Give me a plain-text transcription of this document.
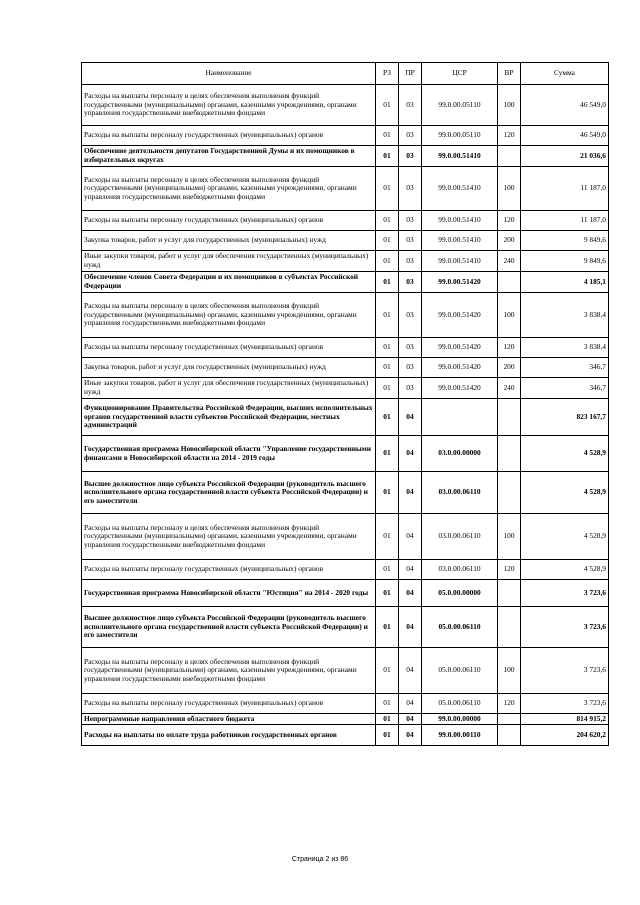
Наименование	РЗ	ПР	ЦСР	ВР	Сумма
Расходы на выплаты персоналу в целях обеспечения выполнения функций государственными (муниципальными) органами, казенными учреждениями, органами управления государственными внебюджетными фондами	01	03	99.0.00.05110	100	46 549,0
Расходы на выплаты персоналу государственных (муниципальных) органов	01	03	99.0.00.05110	120	46 549,0
Обеспечение деятельности депутатов Государственной Думы и их помощников в избирательных округах	01	03	99.0.00.51410		21 036,6
Расходы на выплаты персоналу в целях обеспечения выполнения функций государственными (муниципальными) органами, казенными учреждениями, органами управления государственными внебюджетными фондами	01	03	99.0.00.51410	100	11 187,0
Расходы на выплаты персоналу государственных (муниципальных) органов	01	03	99.0.00.51410	120	11 187,0
Закупка товаров, работ и услуг для государственных (муниципальных) нужд	01	03	99.0.00.51410	200	9 849,6
Иные закупки товаров, работ и услуг для обеспечения государственных (муниципальных) нужд	01	03	99.0.00.51410	240	9 849,6
Обеспечение членов Совета Федерации и их помощников в субъектах Российской Федерации	01	03	99.0.00.51420		4 185,1
Расходы на выплаты персоналу в целях обеспечения выполнения функций государственными (муниципальными) органами, казенными учреждениями, органами управления государственными внебюджетными фондами	01	03	99.0.00.51420	100	3 838,4
Расходы на выплаты персоналу государственных (муниципальных) органов	01	03	99.0.00.51420	120	3 838,4
Закупка товаров, работ и услуг для государственных (муниципальных) нужд	01	03	99.0.00.51420	200	346,7
Иные закупки товаров, работ и услуг для обеспечения государственных (муниципальных) нужд	01	03	99.0.00.51420	240	346,7
Функционирование Правительства Российской Федерации, высших исполнительных органов государственной власти субъектов Российской Федерации, местных администраций	01	04			823 167,7
Государственная программа Новосибирской области "Управление государственными финансами в Новосибирской области на 2014 - 2019 годы	01	04	03.0.00.00000		4 528,9
Высшее должностное лицо субъекта Российской Федерации (руководитель высшего исполнительного органа государственной власти субъекта Российской Федерации) и его заместители	01	04	03.0.00.06110		4 528,9
Расходы на выплаты персоналу в целях обеспечения выполнения функций государственными (муниципальными) органами, казенными учреждениями, органами управления государственными внебюджетными фондами	01	04	03.0.00.06110	100	4 528,9
Расходы на выплаты персоналу государственных (муниципальных) органов	01	04	03.0.00.06110	120	4 528,9
Государственная программа Новосибирской области "Юстиция" на 2014 - 2020 годы	01	04	05.0.00.00000		3 723,6
Высшее должностное лицо субъекта Российской Федерации (руководитель высшего исполнительного органа государственной власти субъекта Российской Федерации) и его заместители	01	04	05.0.00.06110		3 723,6
Расходы на выплаты персоналу в целях обеспечения выполнения функций государственными (муниципальными) органами, казенными учреждениями, органами управления государственными внебюджетными фондами	01	04	05.0.00.06110	100	3 723,6
Расходы на выплаты персоналу государственных (муниципальных) органов	01	04	05.0.00.06110	120	3 723,6
Непрограммные направления областного бюджета	01	04	99.0.00.00000		814 915,2
Расходы на выплаты по оплате труда работников государственных органов	01	04	99.0.00.00110		204 620,2
Страница 2 из 86
